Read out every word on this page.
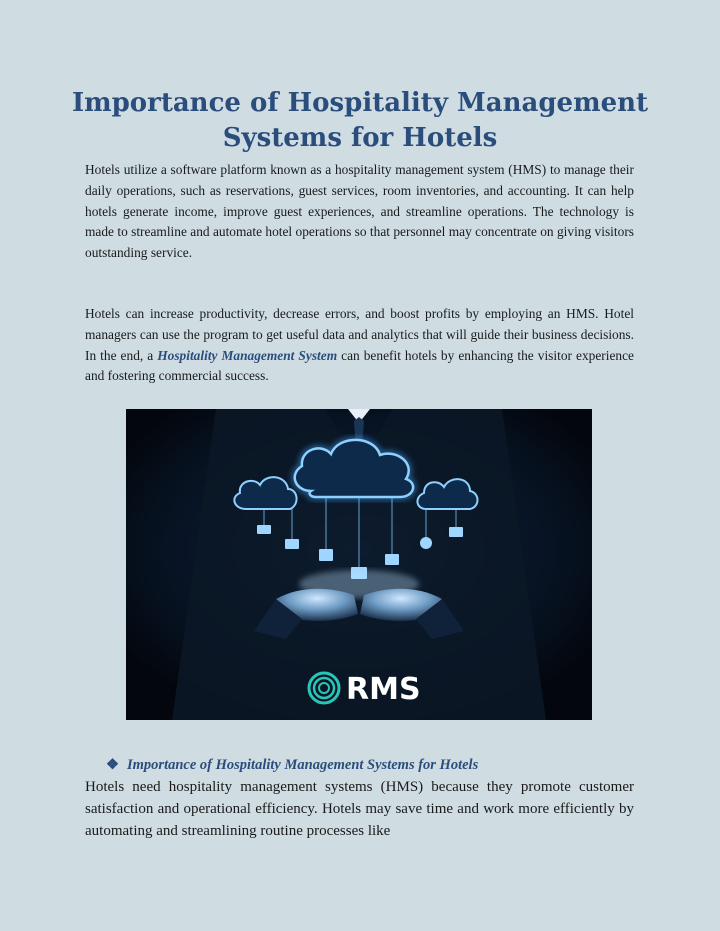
Importance of Hospitality Management Systems for Hotels

Hotels utilize a software platform known as a hospitality management system (HMS) to manage their daily operations, such as reservations, guest services, room inventories, and accounting. It can help hotels generate income, improve guest experiences, and streamline operations. The technology is made to streamline and automate hotel operations so that personnel may concentrate on giving visitors outstanding service.

Hotels can increase productivity, decrease errors, and boost profits by employing an HMS. Hotel managers can use the program to get useful data and analytics that will guide their business decisions. In the end, a Hospitality Management System can benefit hotels by enhancing the visitor experience and fostering commercial success.

RMS

❖ Importance of Hospitality Management Systems for Hotels

Hotels need hospitality management systems (HMS) because they promote customer satisfaction and operational efficiency. Hotels may save time and work more efficiently by automating and streamlining routine processes like
